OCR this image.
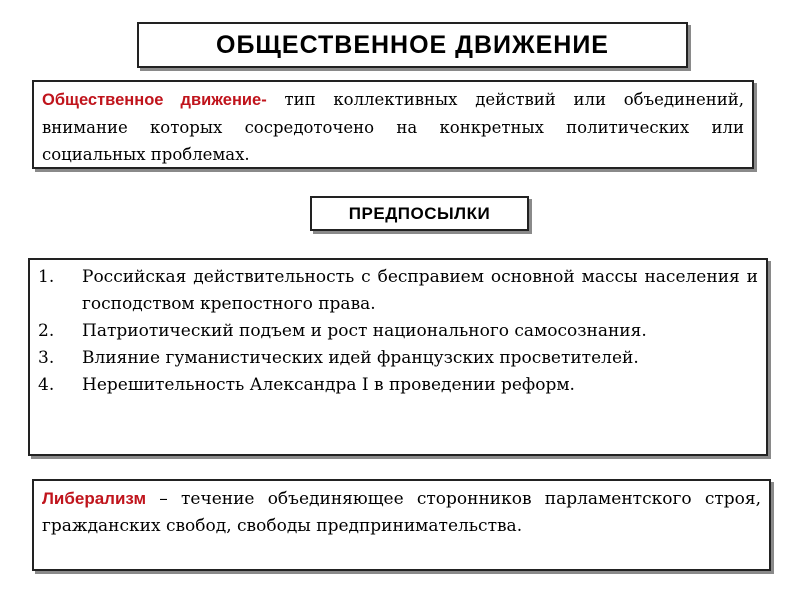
ОБЩЕСТВЕННОЕ ДВИЖЕНИЕ
Общественное движение- тип коллективных действий или объединений, внимание которых сосредоточено на конкретных политических или социальных проблемах.
ПРЕДПОСЫЛКИ
1.	Российская действительность с бесправием основной массы населения и господством крепостного права.
2.	Патриотический подъем и рост национального самосознания.
3.	Влияние гуманистических идей французских просветителей.
4.	Нерешительность Александра I в проведении реформ.
Либерализм – течение объединяющее сторонников парламентского строя, гражданских свобод, свободы предпринимательства.
